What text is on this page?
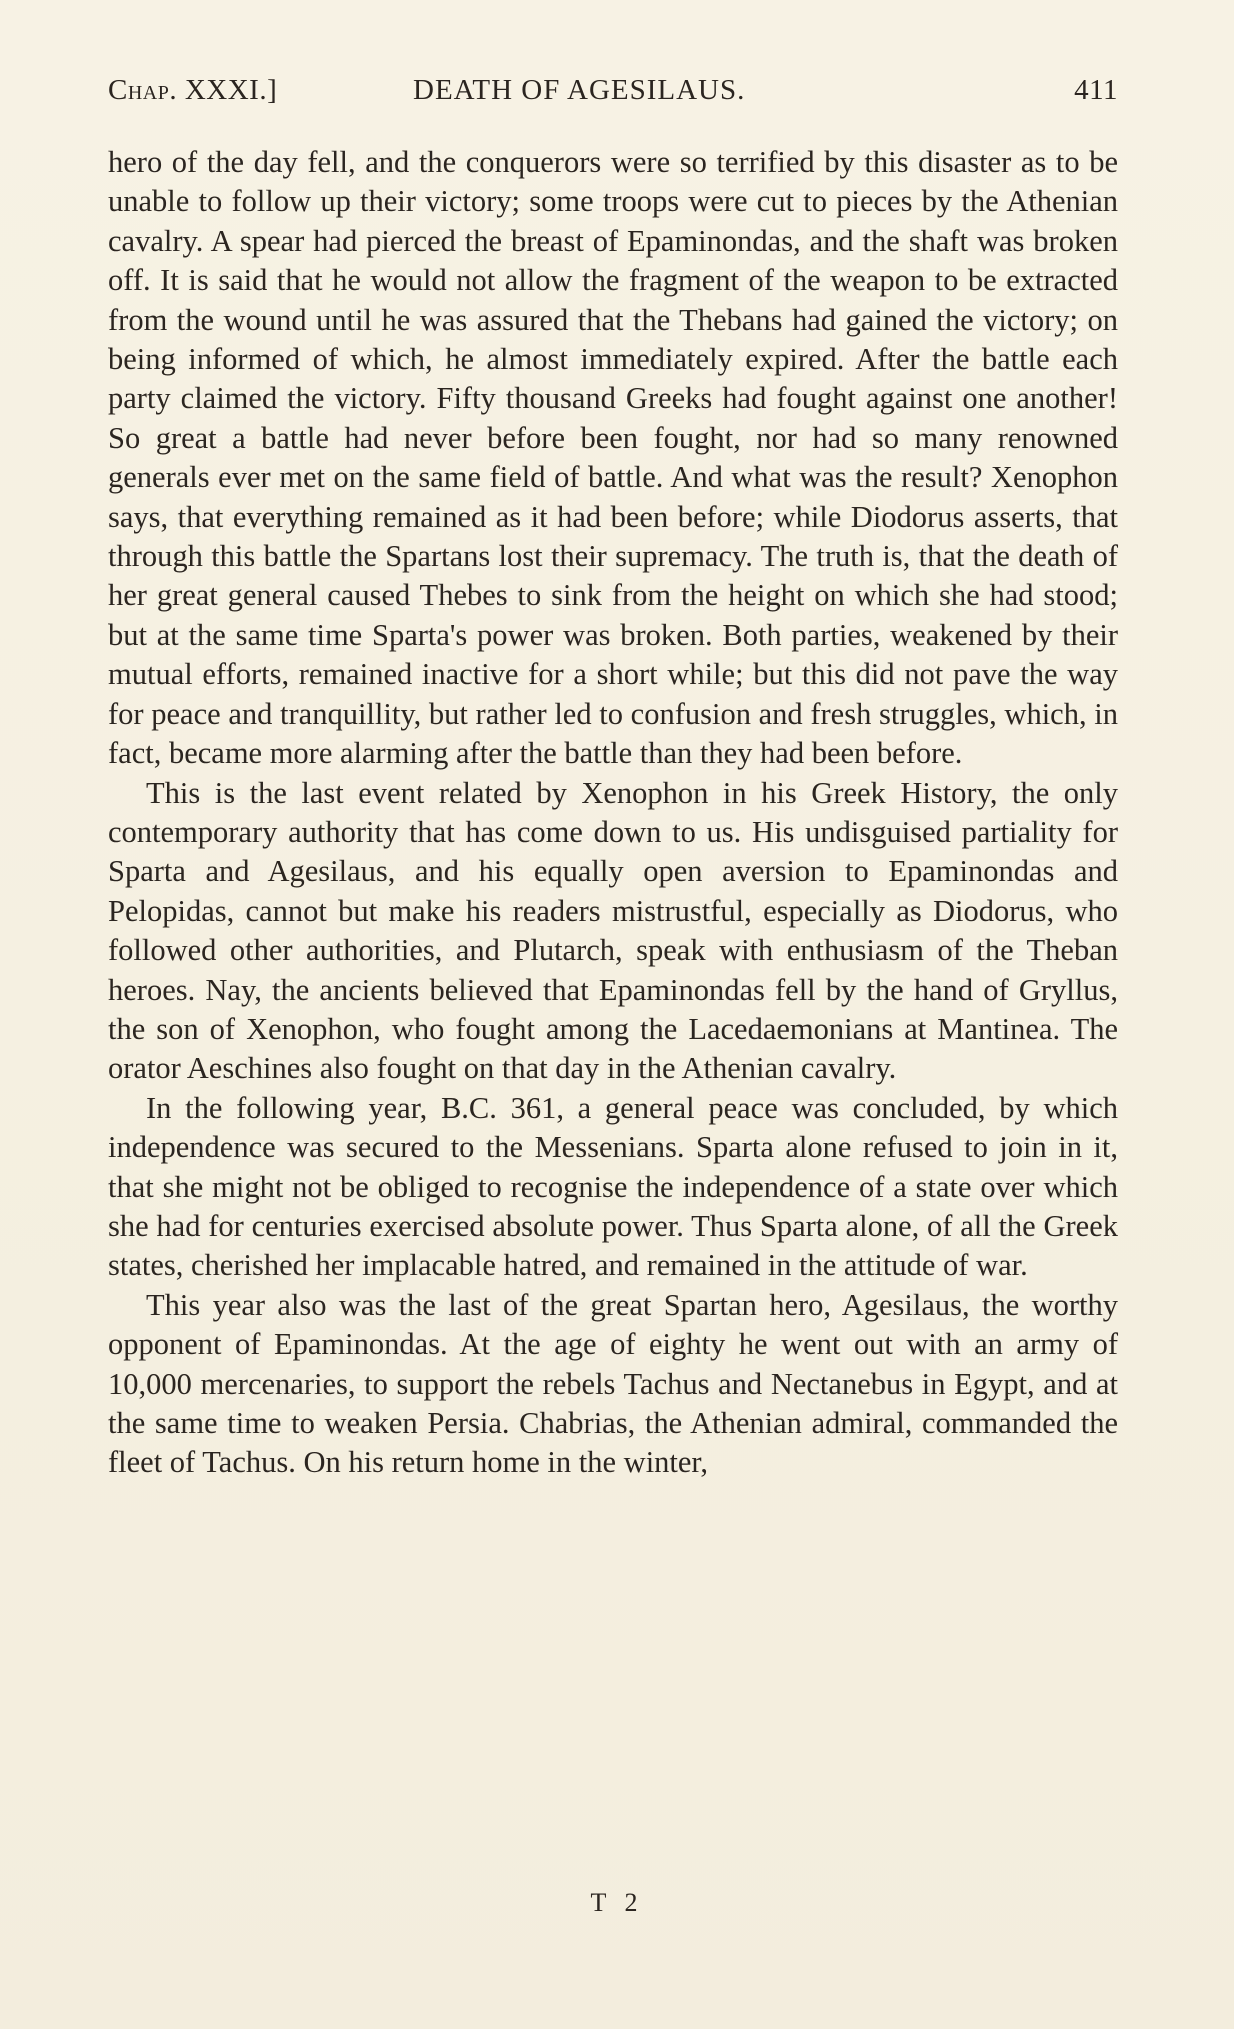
Chap. XXXI.]	DEATH OF AGESILAUS.	411

hero of the day fell, and the conquerors were so terrified by this disaster as to be unable to follow up their victory; some troops were cut to pieces by the Athenian cavalry. A spear had pierced the breast of Epaminondas, and the shaft was broken off. It is said that he would not allow the fragment of the weapon to be extracted from the wound until he was assured that the Thebans had gained the victory; on being informed of which, he almost immediately expired. After the battle each party claimed the victory. Fifty thousand Greeks had fought against one another! So great a battle had never before been fought, nor had so many renowned generals ever met on the same field of battle. And what was the result? Xenophon says, that everything remained as it had been before; while Diodorus asserts, that through this battle the Spartans lost their supremacy. The truth is, that the death of her great general caused Thebes to sink from the height on which she had stood; but at the same time Sparta's power was broken. Both parties, weakened by their mutual efforts, remained inactive for a short while; but this did not pave the way for peace and tranquillity, but rather led to confusion and fresh struggles, which, in fact, became more alarming after the battle than they had been before.

This is the last event related by Xenophon in his Greek History, the only contemporary authority that has come down to us. His undisguised partiality for Sparta and Agesilaus, and his equally open aversion to Epaminondas and Pelopidas, cannot but make his readers mistrustful, especially as Diodorus, who followed other authorities, and Plutarch, speak with enthusiasm of the Theban heroes. Nay, the ancients believed that Epaminondas fell by the hand of Gryllus, the son of Xenophon, who fought among the Lacedaemonians at Mantinea. The orator Aeschines also fought on that day in the Athenian cavalry.

In the following year, B.C. 361, a general peace was concluded, by which independence was secured to the Messenians. Sparta alone refused to join in it, that she might not be obliged to recognise the independence of a state over which she had for centuries exercised absolute power. Thus Sparta alone, of all the Greek states, cherished her implacable hatred, and remained in the attitude of war.

This year also was the last of the great Spartan hero, Agesilaus, the worthy opponent of Epaminondas. At the age of eighty he went out with an army of 10,000 mercenaries, to support the rebels Tachus and Nectanebus in Egypt, and at the same time to weaken Persia. Chabrias, the Athenian admiral, commanded the fleet of Tachus. On his return home in the winter,

T 2
